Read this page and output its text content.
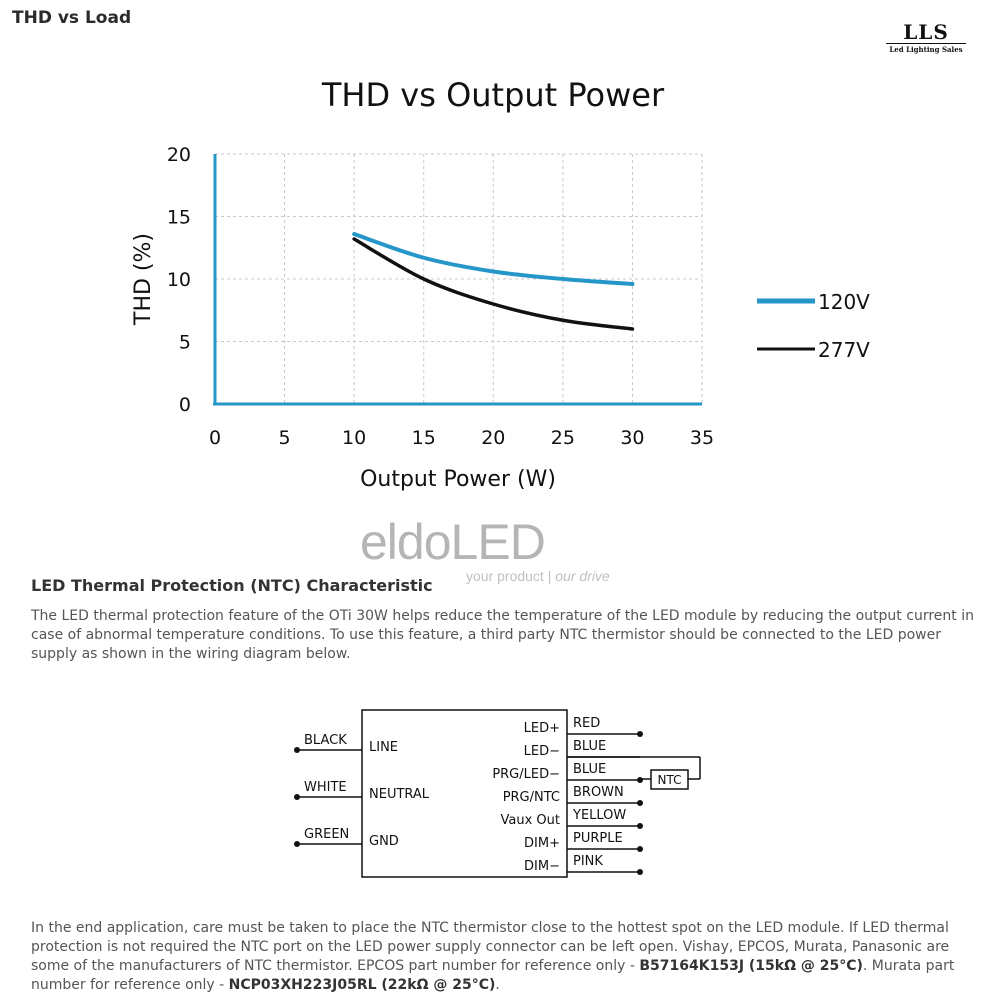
THD vs Load
LLS
Led Lighting Sales
THD vs Output Power
0	5	10 15 20 25 30 35
0
5
10
15
20
THD (%)
Output Power (W)
120V
277V
eldoLED
your product | our drive
LED Thermal Protection (NTC) Characteristic
The LED thermal protection feature of the OTi 30W helps reduce the temperature of the LED module by reducing the output current in case of abnormal temperature conditions. To use this feature, a third party NTC thermistor should be connected to the LED power supply as shown in the wiring diagram below.
BLACK LINE
WHITE NEUTRAL
GREEN GND
LED+ RED
LED− BLUE
PRG/LED− BLUE
PRG/NTC BROWN
Vaux Out YELLOW
DIM+ PURPLE
DIM− PINK
NTC
In the end application, care must be taken to place the NTC thermistor close to the hottest spot on the LED module. If LED thermal protection is not required the NTC port on the LED power supply connector can be left open. Vishay, EPCOS, Murata, Panasonic are some of the manufacturers of NTC thermistor. EPCOS part number for reference only - B57164K153J (15kΩ @ 25°C). Murata part number for reference only - NCP03XH223J05RL (22kΩ @ 25°C).
